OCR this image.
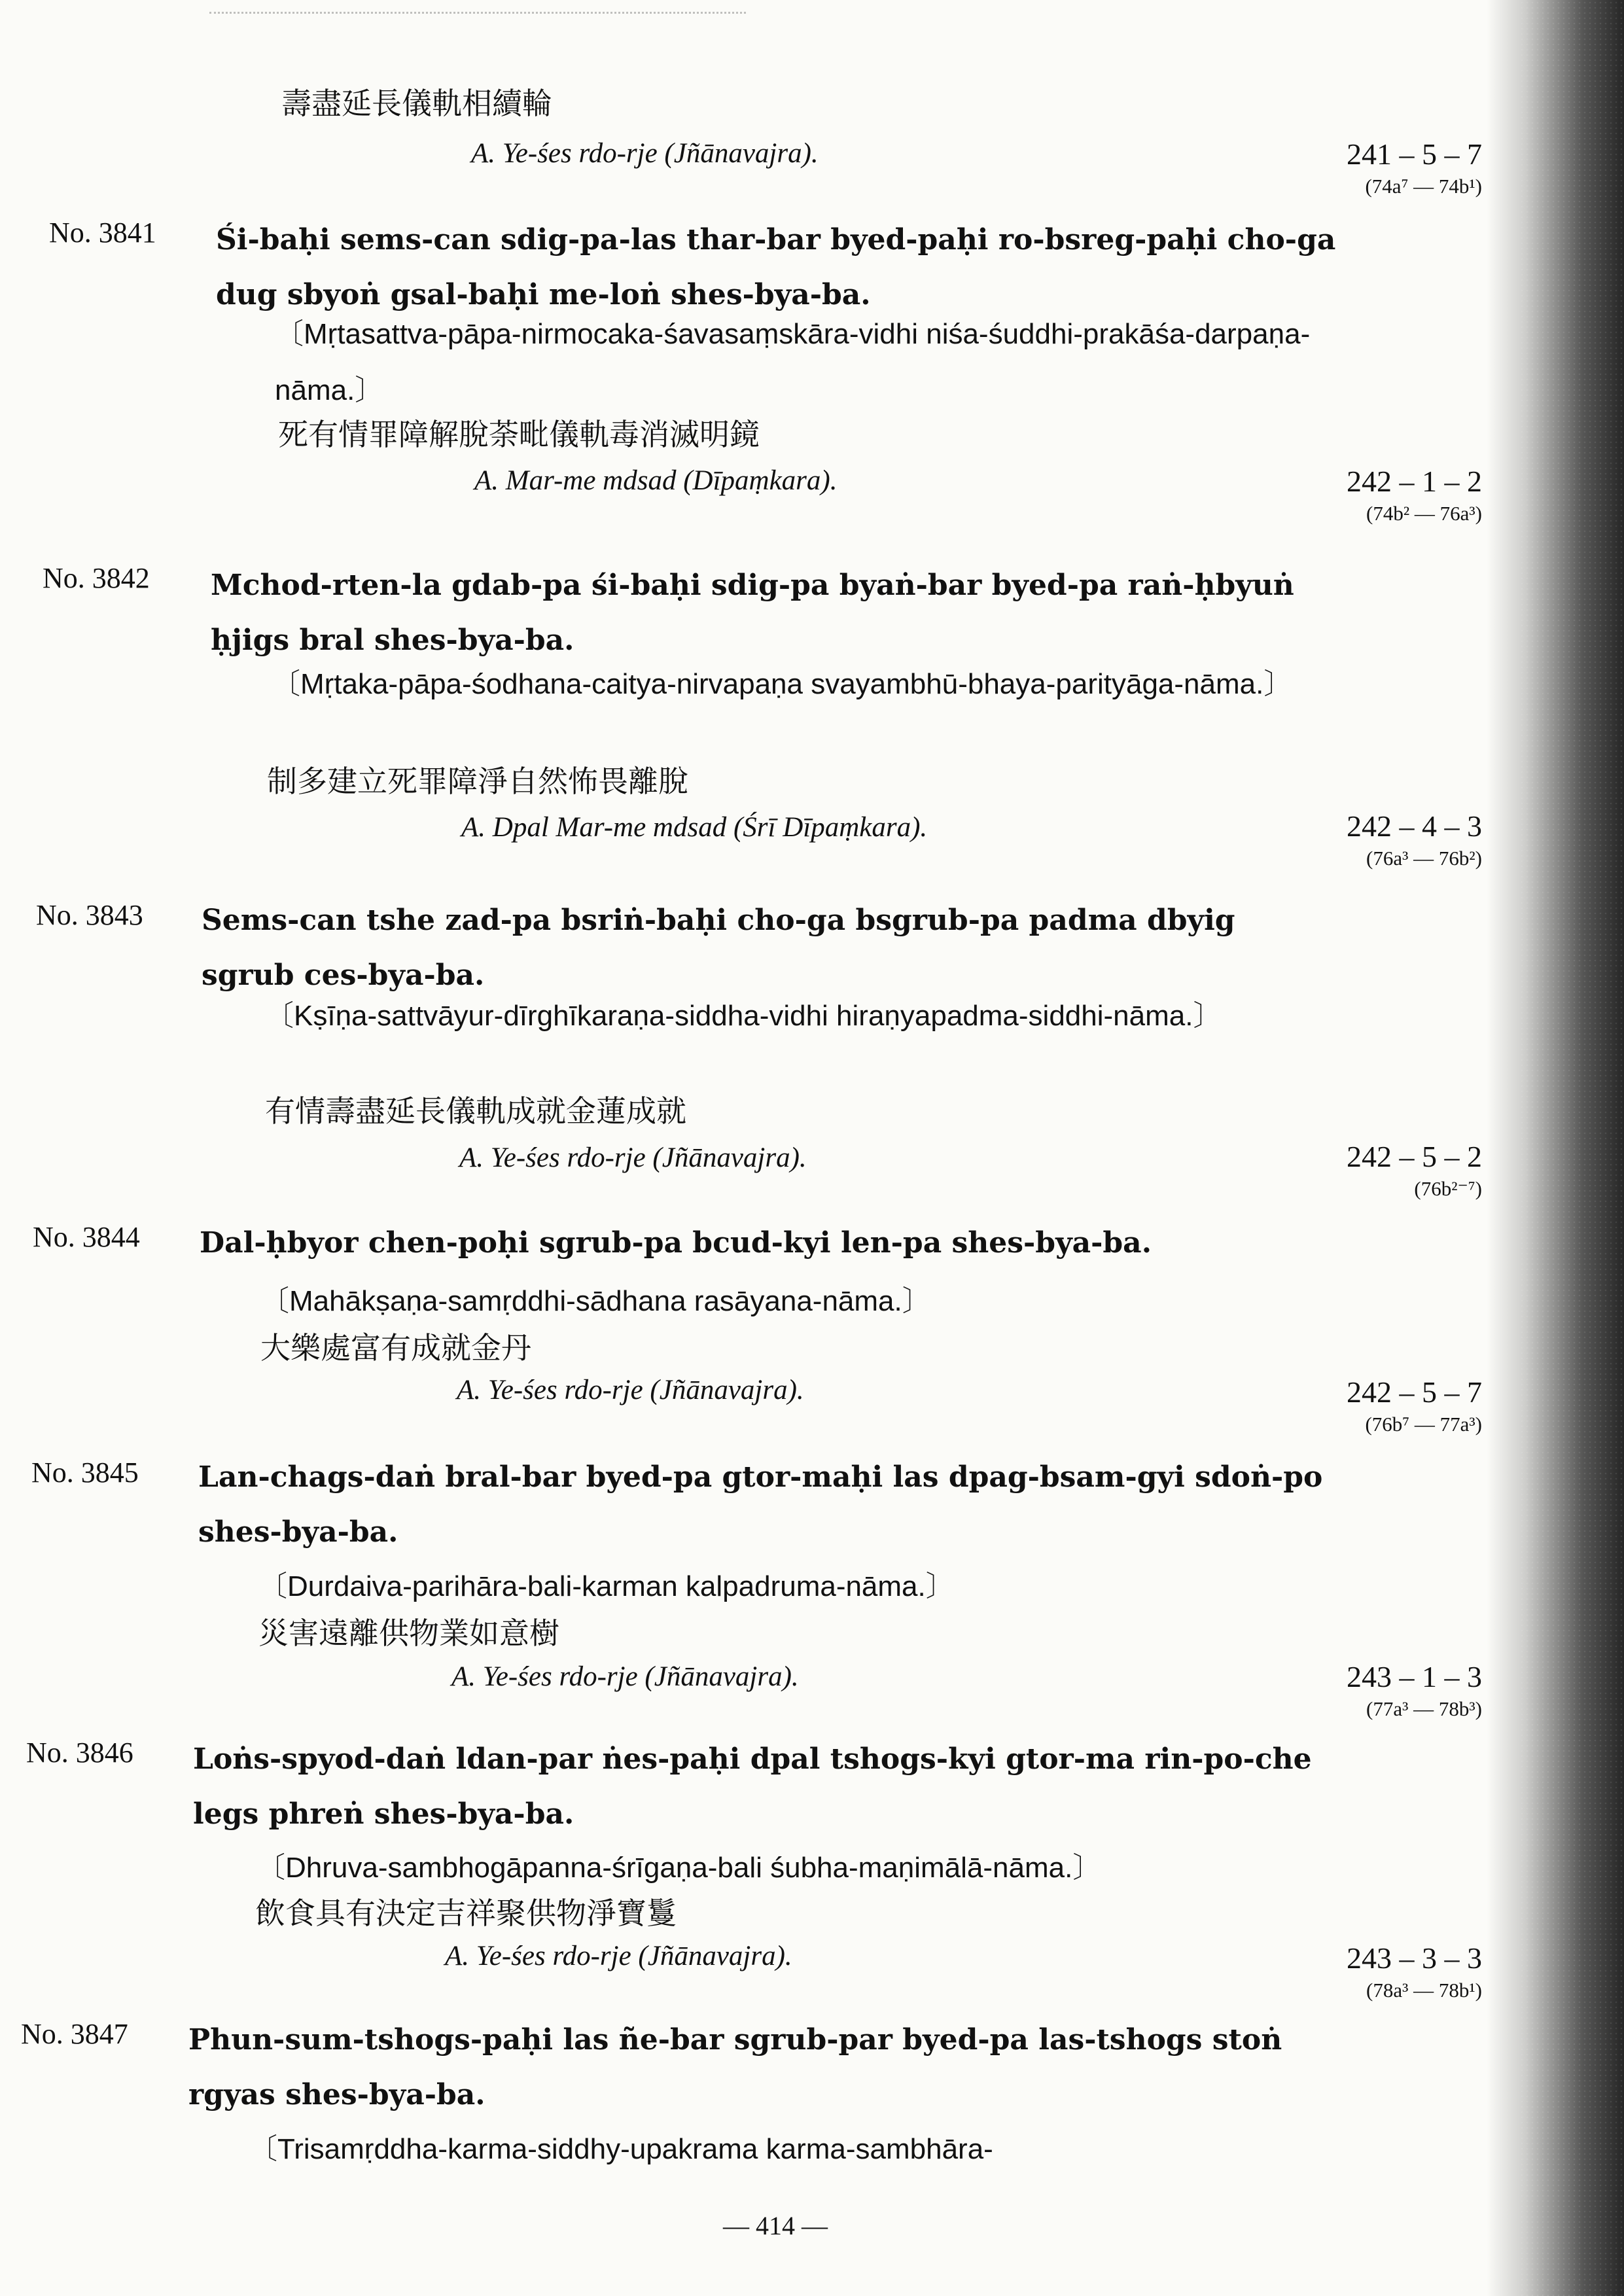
壽盡延長儀軌相續輪
A. Ye-śes rdo-rje (Jñānavajra).	241 – 5 – 7
(74a⁷ — 74b¹)
No. 3841 Śi-baḥi sems-can sdig-pa-las thar-bar byed-paḥi ro-bsreg-paḥi cho-ga dug sbyoṅ gsal-baḥi me-loṅ shes-bya-ba.
〔Mṛtasattva-pāpa-nirmocaka-śavasaṃskāra-vidhi niśa-śuddhi-prakāśa-darpaṇa-nāma.〕
死有情罪障解脫荼毗儀軌毒消滅明鏡
A. Mar-me mdsad (Dīpaṃkara).	242 – 1 – 2
(74b² — 76a³)
No. 3842 Mchod-rten-la gdab-pa śi-baḥi sdig-pa byaṅ-bar byed-pa raṅ-ḥbyuṅ ḥjigs bral shes-bya-ba.
〔Mṛtaka-pāpa-śodhana-caitya-nirvapaṇa svayambhū-bhaya-parityāga-nāma.〕
制多建立死罪障淨自然怖畏離脫
A. Dpal Mar-me mdsad (Śrī Dīpaṃkara).	242 – 4 – 3
(76a³ — 76b²)
No. 3843 Sems-can tshe zad-pa bsriṅ-baḥi cho-ga bsgrub-pa padma dbyig sgrub ces-bya-ba.
〔Kṣīṇa-sattvāyur-dīrghīkaraṇa-siddha-vidhi hiraṇyapadma-siddhi-nāma.〕
有情壽盡延長儀軌成就金蓮成就
A. Ye-śes rdo-rje (Jñānavajra).	242 – 5 – 2
(76b²⁻⁷)
No. 3844 Dal-ḥbyor chen-poḥi sgrub-pa bcud-kyi len-pa shes-bya-ba.
〔Mahākṣaṇa-samṛddhi-sādhana rasāyana-nāma.〕
大樂處富有成就金丹
A. Ye-śes rdo-rje (Jñānavajra).	242 – 5 – 7
(76b⁷ — 77a³)
No. 3845 Lan-chags-daṅ bral-bar byed-pa gtor-maḥi las dpag-bsam-gyi sdoṅ-po shes-bya-ba.
〔Durdaiva-parihāra-bali-karman kalpadruma-nāma.〕
災害遠離供物業如意樹
A. Ye-śes rdo-rje (Jñānavajra).	243 – 1 – 3
(77a³ — 78b³)
No. 3846 Loṅs-spyod-daṅ ldan-par ṅes-paḥi dpal tshogs-kyi gtor-ma rin-po-che legs phreṅ shes-bya-ba.
〔Dhruva-sambhogāpanna-śrīgaṇa-bali śubha-maṇimālā-nāma.〕
飲食具有決定吉祥聚供物淨寶鬘
A. Ye-śes rdo-rje (Jñānavajra).	243 – 3 – 3
(78a³ — 78b¹)
No. 3847 Phun-sum-tshogs-paḥi las ñe-bar sgrub-par byed-pa las-tshogs stoṅ rgyas shes-bya-ba.
〔Trisamṛddha-karma-siddhy-upakrama karma-sambhāra-
— 414 —
